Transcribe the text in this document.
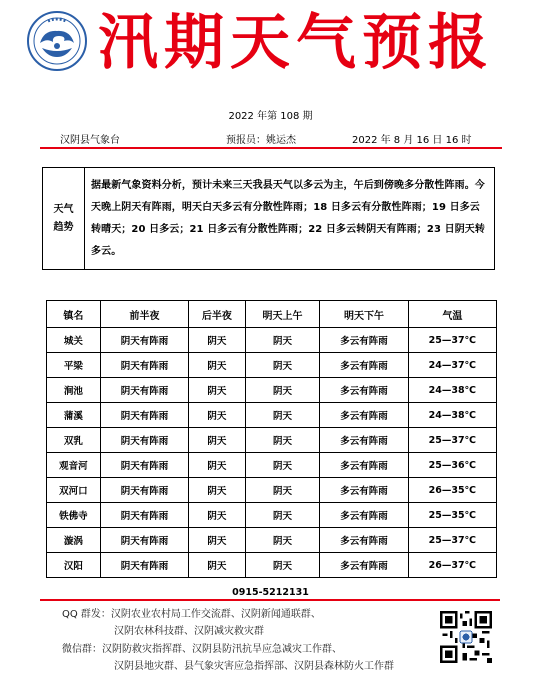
汛期天气预报
2022 年第 108 期
汉阴县气象台	预报员：姚运杰	2022 年 8 月 16 日 16 时
天气
趋势
据最新气象资料分析，预计未来三天我县天气以多云为主，午后到傍晚多分散性阵雨。今天晚上阴天有阵雨，明天白天多云有分散性阵雨；18 日多云有分散性阵雨；19 日多云转晴天；20 日多云；21 日多云有分散性阵雨；22 日多云转阴天有阵雨；23 日阴天转多云。
镇名	前半夜	后半夜	明天上午	明天下午	气温
城关	阴天有阵雨	阴天	阴天	多云有阵雨	25—37℃
平梁	阴天有阵雨	阴天	阴天	多云有阵雨	24—37℃
涧池	阴天有阵雨	阴天	阴天	多云有阵雨	24—38℃
蒲溪	阴天有阵雨	阴天	阴天	多云有阵雨	24—38℃
双乳	阴天有阵雨	阴天	阴天	多云有阵雨	25—37℃
观音河	阴天有阵雨	阴天	阴天	多云有阵雨	25—36℃
双河口	阴天有阵雨	阴天	阴天	多云有阵雨	26—35℃
铁佛寺	阴天有阵雨	阴天	阴天	多云有阵雨	25—35℃
漩涡	阴天有阵雨	阴天	阴天	多云有阵雨	25—37℃
汉阳	阴天有阵雨	阴天	阴天	多云有阵雨	26—37℃
0915-5212131
QQ 群发：汉阴农业农村局工作交流群、汉阴新闻通联群、
汉阴农林科技群、汉阴减灾救灾群
微信群：汉阴防救灾指挥群、汉阴县防汛抗旱应急减灾工作群、
汉阴县地灾群、县气象灾害应急指挥部、汉阴县森林防火工作群
